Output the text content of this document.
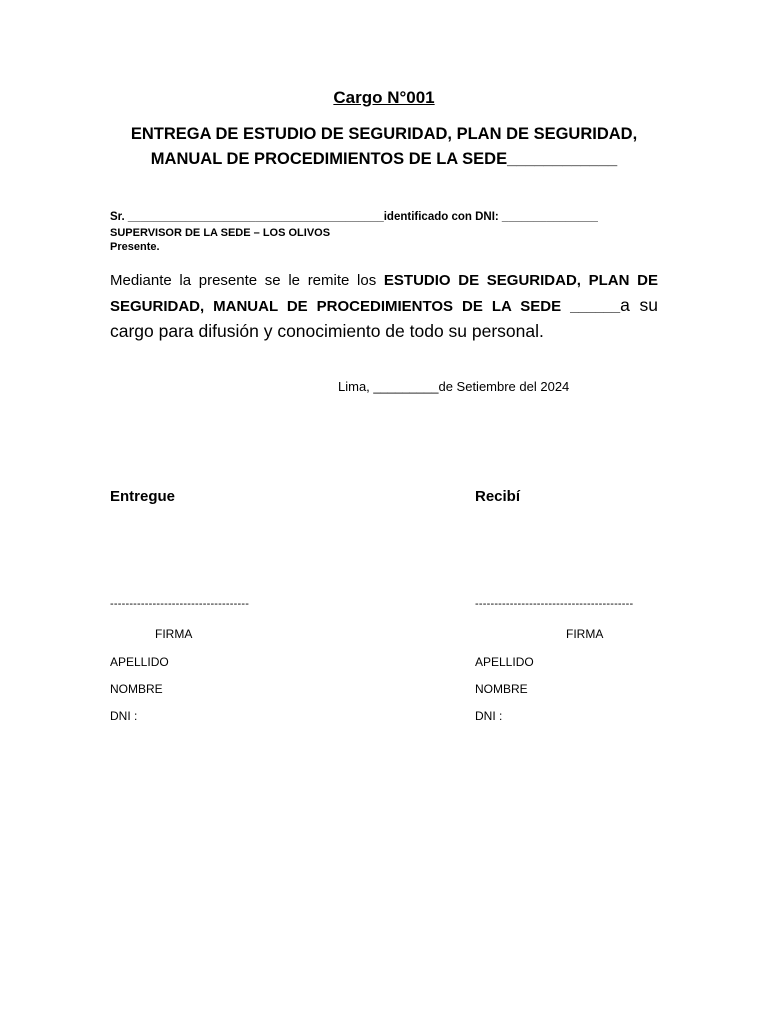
Cargo N°001
ENTREGA DE ESTUDIO DE SEGURIDAD, PLAN DE SEGURIDAD,
MANUAL DE PROCEDIMIENTOS DE LA SEDE____________
Sr. ________________________________________identificado con DNI: _______________
SUPERVISOR DE LA SEDE – LOS OLIVOS
Presente.
Mediante la presente se le remite los ESTUDIO DE SEGURIDAD, PLAN DE SEGURIDAD, MANUAL DE PROCEDIMIENTOS DE LA SEDE ______a su cargo para difusión y conocimiento de todo su personal.
Lima, _________de Setiembre del 2024
Entregue
------------------------------------
FIRMA
APELLIDO
NOMBRE
DNI :
Recibí
-----------------------------------------
FIRMA
APELLIDO
NOMBRE
DNI :
